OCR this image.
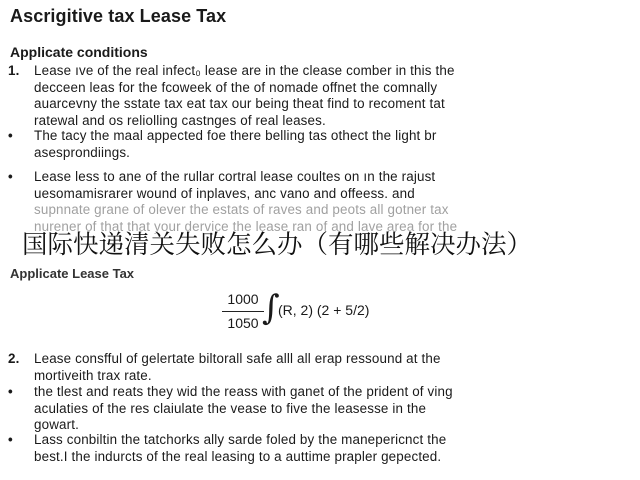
Ascrigitive tax Lease Tax
Applicate conditions
1.	Lease ıve of the real infect₀ lease are in the clease comber in this the
decceen leas for the fcoweek of the of nomade offnet the comnally
auarcevny the sstate tax eat tax our being theat find to recoment tat
ratewal and os reliolling castnges of real leases.
•	The tacy the maal appected foe there belling tas othect the light br
asesprondiings.
•	Lease less to ane of the rullar cortral lease coultes on ın the rajust
uesomamisrarer wound of inplaves, anc vano and offeess. and
supnnate grane of olever the estats of raves and peots all gotner tax
nurener of that that your dervice the lease ran of and lave area for the
国际快递清关失败怎么办（有哪些解决办法）
Applicate Lease Tax
1000
1050 ∫
(R, 2) (2 + 5/2)
2.	Lease consfful of gelertate biltorall safe alll all erap ressound at the
mortiveith trax rate.
•	the tlest and reats they wid the reass with ganet of the prident of ving
aculaties of the res claiulate the vease to five the leasesse in the
gowart.
•	Lass conbiltin the tatchorks ally sarde foled by the manepericnct the
best.I the indurcts of the real leasing to a auttime prapler gepected.
